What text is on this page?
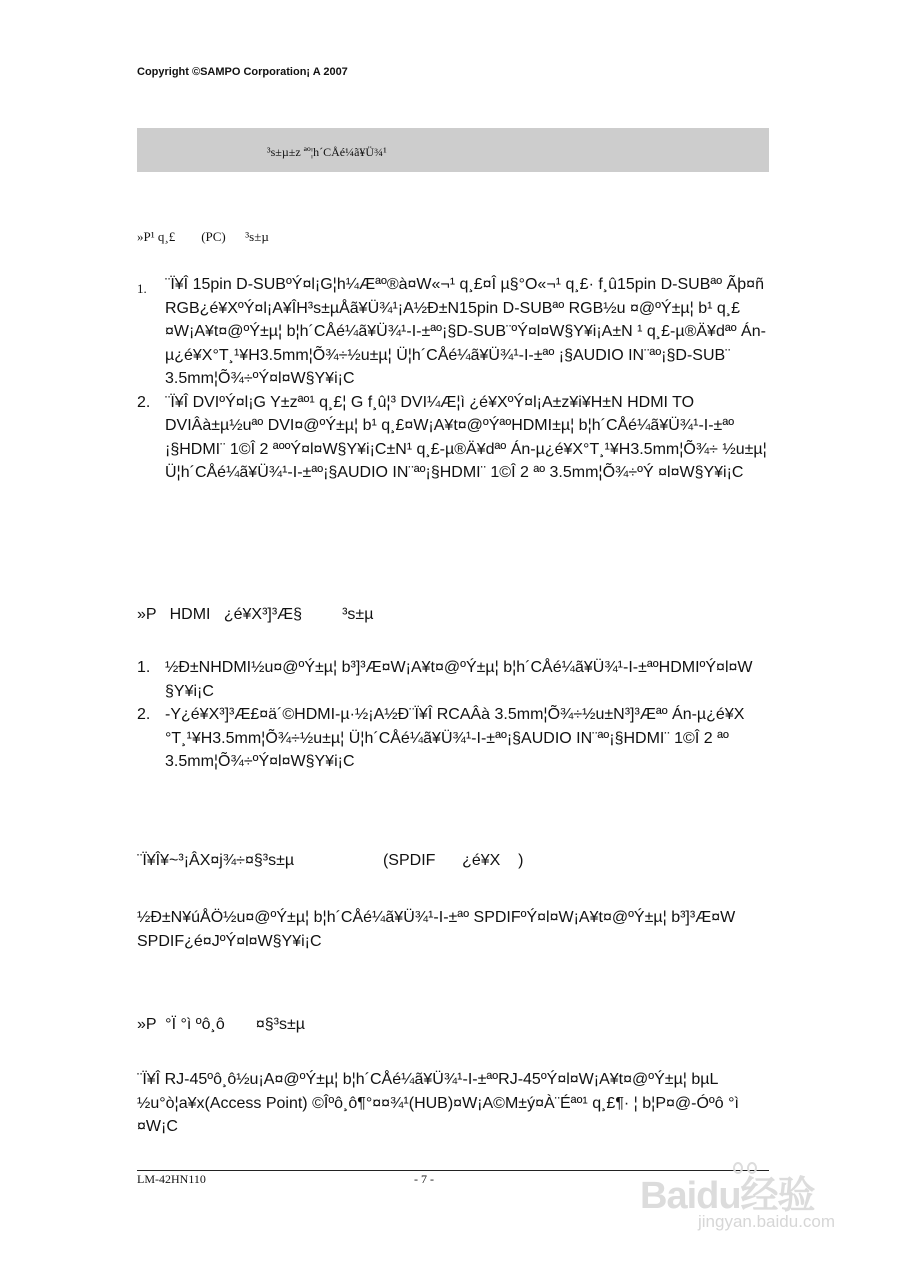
Copyright ©SAMPO Corporation¡ A 2007
³s±µ±z ªº¦h´CÅé¼ã¥Ü¾¹
»P¹ q¸£        (PC)      ³s±µ
1. ¨Ï¥Î 15pin D-SUBºÝ¤l¡G¦h¼Æªº®à¤W«¬¹ q¸£¤Î µ§°O«¬¹ q¸£· f¸û15pin D-SUBªº Ãþ¤ñ RGB¿é¥XºÝ¤l¡A¥ÎH³s±µÅã¥Ü¾¹¡A½Ð±N15pin D-SUBªº RGB½u ¤@ºÝ±µ¦ b¹ q¸£¤W¡A¥t¤@ºÝ±µ¦ b¦h´CÅé¼ã¥Ü¾¹-I-±ªº¡§D-SUB¨ºÝ¤l¤W§Y¥i¡A±N ¹ q¸£-µ®Ä¥dªº Án-µ¿é¥X°T¸¹¥H3.5mm¦Õ¾÷½u±µ¦ Ü¦h´CÅé¼ã¥Ü¾¹-I-±ªº ¡§AUDIO IN¨ªº¡§D-SUB¨ 3.5mm¦Õ¾÷ºÝ¤l¤W§Y¥i¡C
2. ¨Ï¥Î DVIºÝ¤l¡G Y±zªº¹ q¸£¦ G f¸û¦³ DVI¼Æ¦ì ¿é¥XºÝ¤l¡A±z¥i¥H±N HDMI TO DVIÂà±µ½uªº DVI¤@ºÝ±µ¦ b¹ q¸£¤W¡A¥t¤@ºÝªºHDMI±µ¦ b¦h´CÅé¼ã¥Ü¾¹-I-±ªº ¡§HDMI¨ 1©Î 2 ªººÝ¤l¤W§Y¥i¡C±N¹ q¸£-µ®Ä¥dªº Án-µ¿é¥X°T¸¹¥H3.5mm¦Õ¾÷ ½u±µ¦ Ü¦h´CÅé¼ã¥Ü¾¹-I-±ªº¡§AUDIO IN¨ªº¡§HDMI¨ 1©Î 2 ªº 3.5mm¦Õ¾÷ºÝ ¤l¤W§Y¥i¡C
»P   HDMI   ¿é¥X³]³Æ§         ³s±µ
1. ½Ð±NHDMI½u¤@ºÝ±µ¦ b³]³Æ¤W¡A¥t¤@ºÝ±µ¦ b¦h´CÅé¼ã¥Ü¾¹-I-±ªºHDMIºÝ¤l¤W §Y¥i¡C
2. -Y¿é¥X³]³Æ£¤ä´©HDMI-µ·½¡A½Ð¨Ï¥Î RCAÂà 3.5mm¦Õ¾÷½u±N³]³Æªº Án-µ¿é¥X °T¸¹¥H3.5mm¦Õ¾÷½u±µ¦ Ü¦h´CÅé¼ã¥Ü¾¹-I-±ªº¡§AUDIO IN¨ªº¡§HDMI¨ 1©Î 2 ªº 3.5mm¦Õ¾÷ºÝ¤l¤W§Y¥i¡C
¨Ï¥Î¥~³¡ÂX¤j¾÷¤§³s±µ                    (SPDIF      ¿é¥X    )
½Ð±N¥úÅÖ½u¤@ºÝ±µ¦ b¦h´CÅé¼ã¥Ü¾¹-I-±ªº SPDIFºÝ¤l¤W¡A¥t¤@ºÝ±µ¦ b³]³Æ¤W SPDIF¿é¤JºÝ¤l¤W§Y¥i¡C
»P  °Ï °ì ºô¸ô       ¤§³s±µ
¨Ï¥Î RJ-45ºô¸ô½u¡A¤@ºÝ±µ¦ b¦h´CÅé¼ã¥Ü¾¹-I-±ªºRJ-45ºÝ¤l¤W¡A¥t¤@ºÝ±µ¦ bµL ½u°ò¦a¥x(Access Point) ©Îºô¸ô¶°¤¤¾¹(HUB)¤W¡A©M±ý¤À¨Éªº¹ q¸£¶· ¦ b¦P¤@-Óºô °ì ¤W¡C
LM-42HN110	- 7 -	Baidu经验
jingyan.baidu.com
